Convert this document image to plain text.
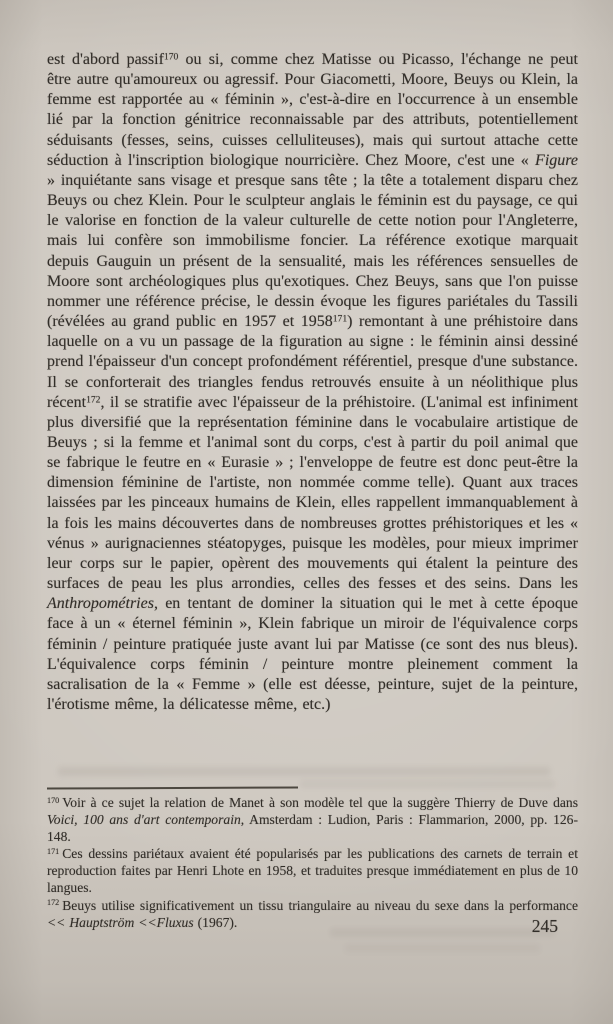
est d'abord passif$^{170}$ ou si, comme chez Matisse ou Picasso, l'échange ne peut être autre qu'amoureux ou agressif. Pour Giacometti, Moore, Beuys ou Klein, la femme est rapportée au « féminin », c'est-à-dire en l'occurrence à un ensemble lié par la fonction génitrice reconnaissable par des attributs, potentiellement séduisants (fesses, seins, cuisses celluliteuses), mais qui surtout attache cette séduction à l'inscription biologique nourricière. Chez Moore, c'est une « Figure » inquiétante sans visage et presque sans tête ; la tête a totalement disparu chez Beuys ou chez Klein. Pour le sculpteur anglais le féminin est du paysage, ce qui le valorise en fonction de la valeur culturelle de cette notion pour l'Angleterre, mais lui confère son immobilisme foncier. La référence exotique marquait depuis Gauguin un présent de la sensualité, mais les références sensuelles de Moore sont archéologiques plus qu'exotiques. Chez Beuys, sans que l'on puisse nommer une référence précise, le dessin évoque les figures pariétales du Tassili (révélées au grand public en 1957 et 1958$^{171}$) remontant à une préhistoire dans laquelle on a vu un passage de la figuration au signe : le féminin ainsi dessiné prend l'épaisseur d'un concept profondément référentiel, presque d'une substance. Il se conforterait des triangles fendus retrouvés ensuite à un néolithique plus récent$^{172}$, il se stratifie avec l'épaisseur de la préhistoire. (L'animal est infiniment plus diversifié que la représentation féminine dans le vocabulaire artistique de Beuys ; si la femme et l'animal sont du corps, c'est à partir du poil animal que se fabrique le feutre en « Eurasie » ; l'enveloppe de feutre est donc peut-être la dimension féminine de l'artiste, non nommée comme telle). Quant aux traces laissées par les pinceaux humains de Klein, elles rappellent immanquablement à la fois les mains découvertes dans de nombreuses grottes préhistoriques et les « vénus » aurignaciennes stéatopyges, puisque les modèles, pour mieux imprimer leur corps sur le papier, opèrent des mouvements qui étalent la peinture des surfaces de peau les plus arrondies, celles des fesses et des seins. Dans les Anthropométries, en tentant de dominer la situation qui le met à cette époque face à un « éternel féminin », Klein fabrique un miroir de l'équivalence corps féminin / peinture pratiquée juste avant lui par Matisse (ce sont des nus bleus). L'équivalence corps féminin / peinture montre pleinement comment la sacralisation de la « Femme » (elle est déesse, peinture, sujet de la peinture, l'érotisme même, la délicatesse même, etc.)

$^{170}$ Voir à ce sujet la relation de Manet à son modèle tel que la suggère Thierry de Duve dans Voici, 100 ans d'art contemporain, Amsterdam : Ludion, Paris : Flammarion, 2000, pp. 126-148.
$^{171}$ Ces dessins pariétaux avaient été popularisés par les publications des carnets de terrain et reproduction faites par Henri Lhote en 1958, et traduites presque immédiatement en plus de 10 langues.
$^{172}$ Beuys utilise significativement un tissu triangulaire au niveau du sexe dans la performance << Hauptström <<Fluxus (1967).	245
